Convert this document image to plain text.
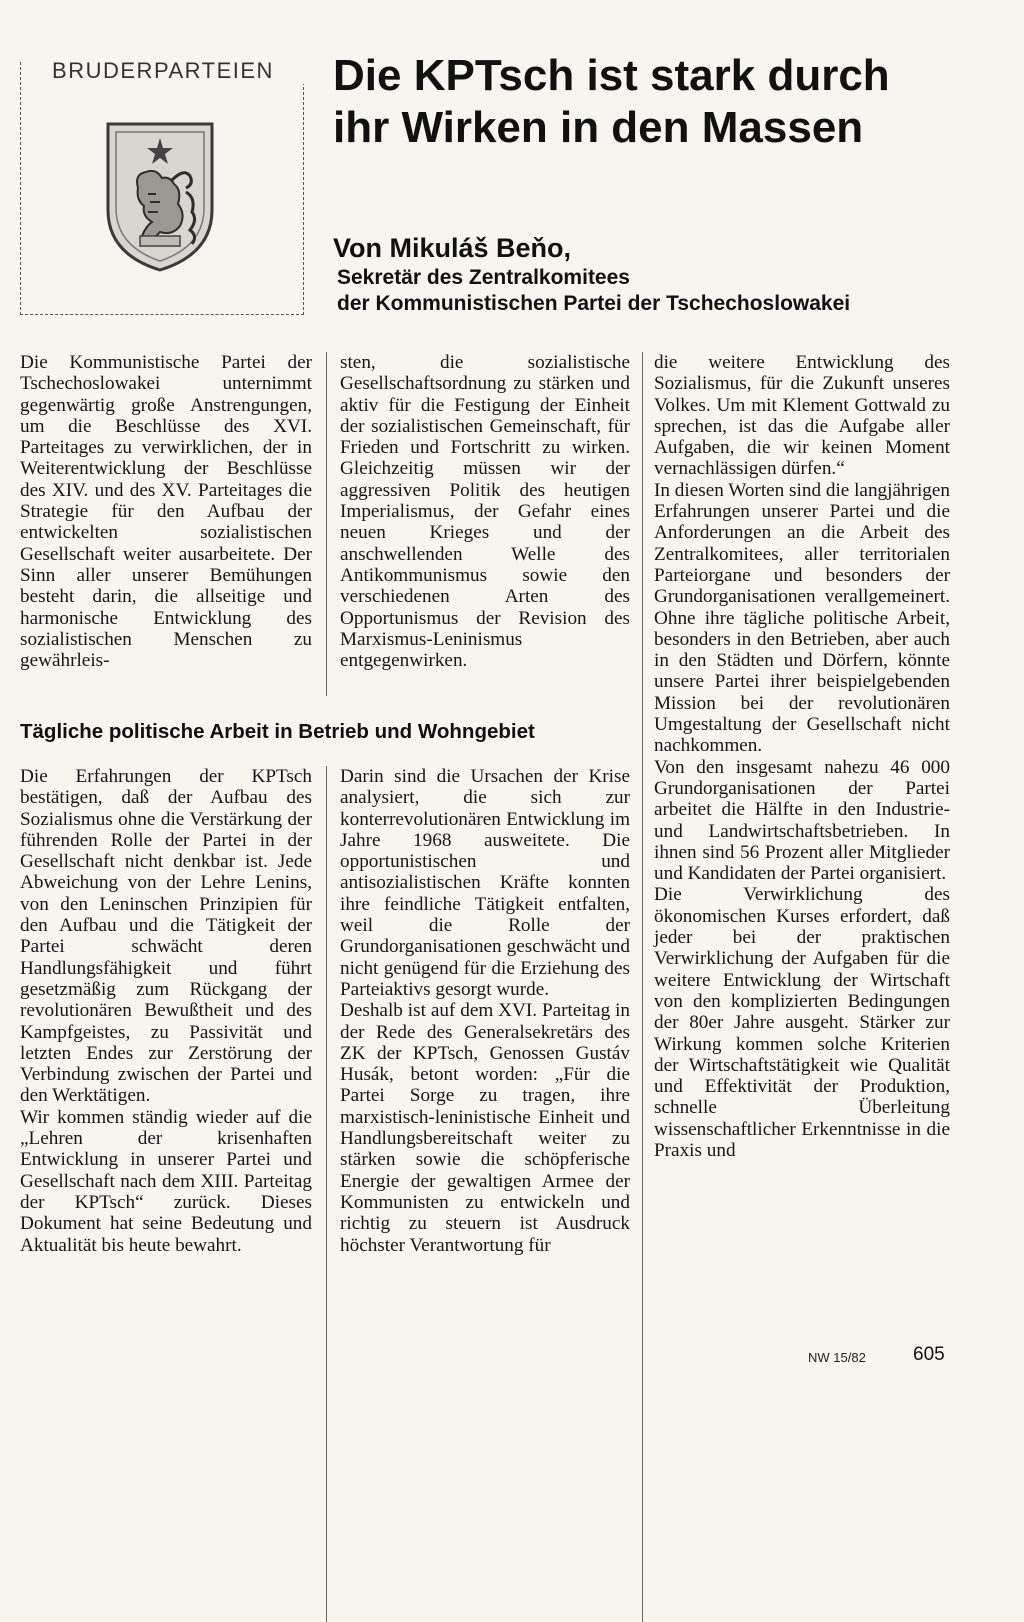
BRUDERPARTEIEN	Die KPTsch ist stark durch ihr Wirken in den Massen
Von Mikuláš Beňo,
Sekretär des Zentralkomitees
der Kommunistischen Partei der Tschechoslowakei

Die Kommunistische Partei der Tschechoslowakei unternimmt gegenwärtig große Anstrengungen, um die Beschlüsse des XVI. Parteitages zu verwirklichen, der in Weiterentwicklung der Beschlüsse des XIV. und des XV. Parteitages die Strategie für den Aufbau der entwickelten sozialistischen Gesellschaft weiter ausarbeitete. Der Sinn aller unserer Bemühungen besteht darin, die allseitige und harmonische Entwicklung des sozialistischen Menschen zu gewährleis-

sten, die sozialistische Gesellschaftsordnung zu stärken und aktiv für die Festigung der Einheit der sozialistischen Gemeinschaft, für Frieden und Fortschritt zu wirken. Gleichzeitig müssen wir der aggressiven Politik des heutigen Imperialismus, der Gefahr eines neuen Krieges und der anschwellenden Welle des Antikommunismus sowie den verschiedenen Arten des Opportunismus der Revision des Marxismus-Leninismus entgegenwirken.

Tägliche politische Arbeit in Betrieb und Wohngebiet

Die Erfahrungen der KPTsch bestätigen, daß der Aufbau des Sozialismus ohne die Verstärkung der führenden Rolle der Partei in der Gesellschaft nicht denkbar ist. Jede Abweichung von der Lehre Lenins, von den Leninschen Prinzipien für den Aufbau und die Tätigkeit der Partei schwächt deren Handlungsfähigkeit und führt gesetzmäßig zum Rückgang der revolutionären Bewußtheit und des Kampfgeistes, zu Passivität und letzten Endes zur Zerstörung der Verbindung zwischen der Partei und den Werktätigen.

Wir kommen ständig wieder auf die „Lehren der krisenhaften Entwicklung in unserer Partei und Gesellschaft nach dem XIII. Parteitag der KPTsch“ zurück. Dieses Dokument hat seine Bedeutung und Aktualität bis heute bewahrt.

Darin sind die Ursachen der Krise analysiert, die sich zur konterrevolutionären Entwicklung im Jahre 1968 ausweitete. Die opportunistischen und antisozialistischen Kräfte konnten ihre feindliche Tätigkeit entfalten, weil die Rolle der Grundorganisationen geschwächt und nicht genügend für die Erziehung des Parteiaktivs gesorgt wurde.

Deshalb ist auf dem XVI. Parteitag in der Rede des Generalsekretärs des ZK der KPTsch, Genossen Gustáv Husák, betont worden: „Für die Partei Sorge zu tragen, ihre marxistisch-leninistische Einheit und Handlungsbereitschaft weiter zu stärken sowie die schöpferische Energie der gewaltigen Armee der Kommunisten zu entwickeln und richtig zu steuern ist Ausdruck höchster Verantwortung für

die weitere Entwicklung des Sozialismus, für die Zukunft unseres Volkes. Um mit Klement Gottwald zu sprechen, ist das die Aufgabe aller Aufgaben, die wir keinen Moment vernachlässigen dürfen.“

In diesen Worten sind die langjährigen Erfahrungen unserer Partei und die Anforderungen an die Arbeit des Zentralkomitees, aller territorialen Parteiorgane und besonders der Grundorganisationen verallgemeinert. Ohne ihre tägliche politische Arbeit, besonders in den Betrieben, aber auch in den Städten und Dörfern, könnte unsere Partei ihrer beispielgebenden Mission bei der revolutionären Umgestaltung der Gesellschaft nicht nachkommen.

Von den insgesamt nahezu 46 000 Grundorganisationen der Partei arbeitet die Hälfte in den Industrie- und Landwirtschaftsbetrieben. In ihnen sind 56 Prozent aller Mitglieder und Kandidaten der Partei organisiert.

Die Verwirklichung des ökonomischen Kurses erfordert, daß jeder bei der praktischen Verwirklichung der Aufgaben für die weitere Entwicklung der Wirtschaft von den komplizierten Bedingungen der 80er Jahre ausgeht. Stärker zur Wirkung kommen solche Kriterien der Wirtschaftstätigkeit wie Qualität und Effektivität der Produktion, schnelle Überleitung wissenschaftlicher Erkenntnisse in die Praxis und

NW 15/82 605
